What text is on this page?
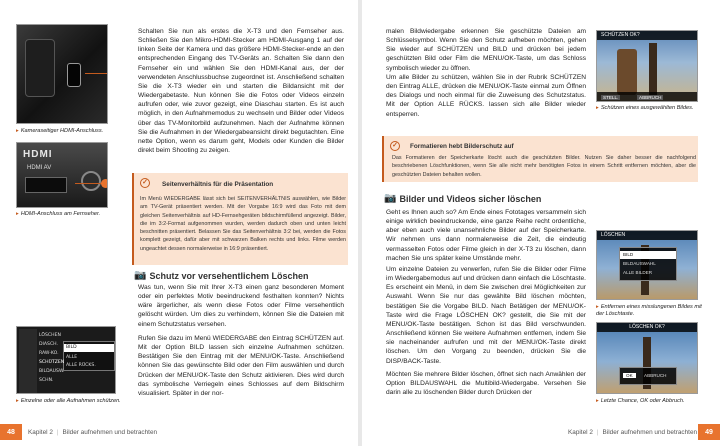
▸ Kameraseitiger HDMI-Anschluss.
HDMI
HDMI AV
▸ HDMI-Anschluss am Fernseher.
Schalten Sie nun als erstes die X-T3 und den Fernseher aus. Schließen Sie den Mikro-HDMI-Stecker am HDMI-Ausgang 1 auf der linken Seite der Kamera und das größere HDMI-Stecker-ende an den entsprechenden Eingang des TV-Geräts an. Schalten Sie dann den Fernseher ein und wählen Sie den HDMI-Kanal aus, der der verwendeten Anschlussbuchse zugeordnet ist. Anschließend schalten Sie die X-T3 wieder ein und starten die Bildansicht mit der Wiedergabetaste. Nun können Sie die Fotos oder Videos einzeln aufrufen oder, wie zuvor gezeigt, eine Diaschau starten. Es ist auch möglich, in den Aufnahmemodus zu wechseln und Bilder oder Videos über das TV-Monitorbild aufzunehmen. Nach der Aufnahme können Sie die Aufnahmen in der Wiedergabeansicht direkt begutachten. Eine nette Option, wenn es darum geht, Models oder Kunden die Bilder direkt beim Shooting zu zeigen.
✓	Seitenverhältnis für die Präsentation
Im Menü WIEDERGABE lässt sich bei SEITENVERHÄLTNIS auswählen, wie Bilder am TV-Gerät präsentiert werden. Mit der Vorgabe 16:9 wird das Foto mit dem gleichen Seitenverhältnis auf HD-Fernsehgeräten bildschirmfüllend angezeigt. Bilder, die im 3:2-Format aufgenommen wurden, werden dadurch oben und unten leicht beschnitten präsentiert. Belassen Sie das Seitenverhältnis 3:2 bei, werden die Fotos komplett gezeigt, dafür aber mit schwarzen Balken rechts und links. Filme werden ungeachtet dessen normalerweise in 16:9 präsentiert.
📷 Schutz vor versehentlichem Löschen
Was tun, wenn Sie mit Ihrer X-T3 einen ganz besonderen Moment oder ein perfektes Motiv beeindruckend festhalten konnten? Nichts wäre ärgerlicher, als wenn diese Fotos oder Filme versehentlich gelöscht würden. Um dies zu verhindern, können Sie die Dateien mit einem Schutzstatus versehen.
Rufen Sie dazu im Menü WIEDERGABE den Eintrag SCHÜTZEN auf. Mit der Option BILD lassen sich einzelne Aufnahmen schützen. Bestätigen Sie den Eintrag mit der MENU/OK-Taste. Anschließend können Sie das gewünschte Bild oder den Film auswählen und durch Drücken der MENU/OK-Taste den Schutz aktivieren. Dies wird durch das symbolische Verriegeln eines Schlosses auf dem Bildschirm visualisiert. Später in der nor-
BILD
ALLE
ALLE RÜCKS.
LÖSCHEN
DIASCH.
RAW-KO.
SCHÜTZEN
BILDAUSW.
SCHN.
▸ Einzelne oder alle Aufnahmen schützen.
48	Kapitel 2 | Bilder aufnehmen und betrachten
malen Bildwiedergabe erkennen Sie geschützte Dateien am Schlüsselsymbol. Wenn Sie den Schutz aufheben möchten, gehen Sie wieder auf SCHÜTZEN und BILD und drücken bei jedem geschützten Bild oder Film die MENU/OK-Taste, um das Schloss symbolisch wieder zu öffnen.
Um alle Bilder zu schützen, wählen Sie in der Rubrik SCHÜTZEN den Eintrag ALLE, drücken die MENU/OK-Taste einmal zum Öffnen des Dialogs und noch einmal für die Zuweisung des Schutzstatus. Mit der Option ALLE RÜCKS. lassen sich alle Bilder wieder entsperren.
SCHÜTZEN OK?
STELL.	ABBRUCH
▸ Schützen eines ausgewählten Bildes.
✓	Formatieren hebt Bilderschutz auf
Das Formatieren der Speicherkarte löscht auch die geschützten Bilder. Nutzen Sie daher besser die nachfolgend beschriebenen Löschfunktionen, wenn Sie alle nicht mehr benötigten Fotos in einem Schritt entfernen möchten, aber die geschützten Dateien behalten wollen.
📷 Bilder und Videos sicher löschen
Geht es Ihnen auch so? Am Ende eines Fototages versammeln sich einige wirklich beeindruckende, eine ganze Reihe recht ordentliche, aber eben auch viele unansehnliche Bilder auf der Speicherkarte. Wir nehmen uns dann normalerweise die Zeit, die eindeutig vermasselten Fotos oder Filme gleich in der X-T3 zu löschen, dann machen Sie uns später keine Umstände mehr.
Um einzelne Dateien zu verwerfen, rufen Sie die Bilder oder Filme im Wiedergabemodus auf und drücken dann einfach die Löschtaste. Es erscheint ein Menü, in dem Sie zwischen drei Möglichkeiten zur Auswahl. Wenn Sie nur das gewählte Bild löschen möchten, bestätigen Sie die Vorgabe BILD. Nach Betätigen der MENU/OK-Taste wird die Frage LÖSCHEN OK? gestellt, die Sie mit der MENU/OK-Taste bestätigen. Schon ist das Bild verschwunden. Anschließend können Sie weitere Aufnahmen entfernen, indem Sie sie nacheinander aufrufen und mit der MENU/OK-Taste direkt löschen. Um den Vorgang zu beenden, drücken Sie die DISP/BACK-Taste.
Möchten Sie mehrere Bilder löschen, öffnet sich nach Anwählen der Option BILDAUSWAHL die Multibild-Wiedergabe. Versehen Sie darin alle zu löschenden Bilder durch Drücken der
LÖSCHEN
BILD
BILDAUSWAHL
ALLE BILDER
▸ Entfernen eines misslungenen Bildes mit der Löschtaste.
LÖSCHEN OK?
OK	ABBRUCH
▸ Letzte Chance, OK oder Abbruch.
Kapitel 2 | Bilder aufnehmen und betrachten	49
